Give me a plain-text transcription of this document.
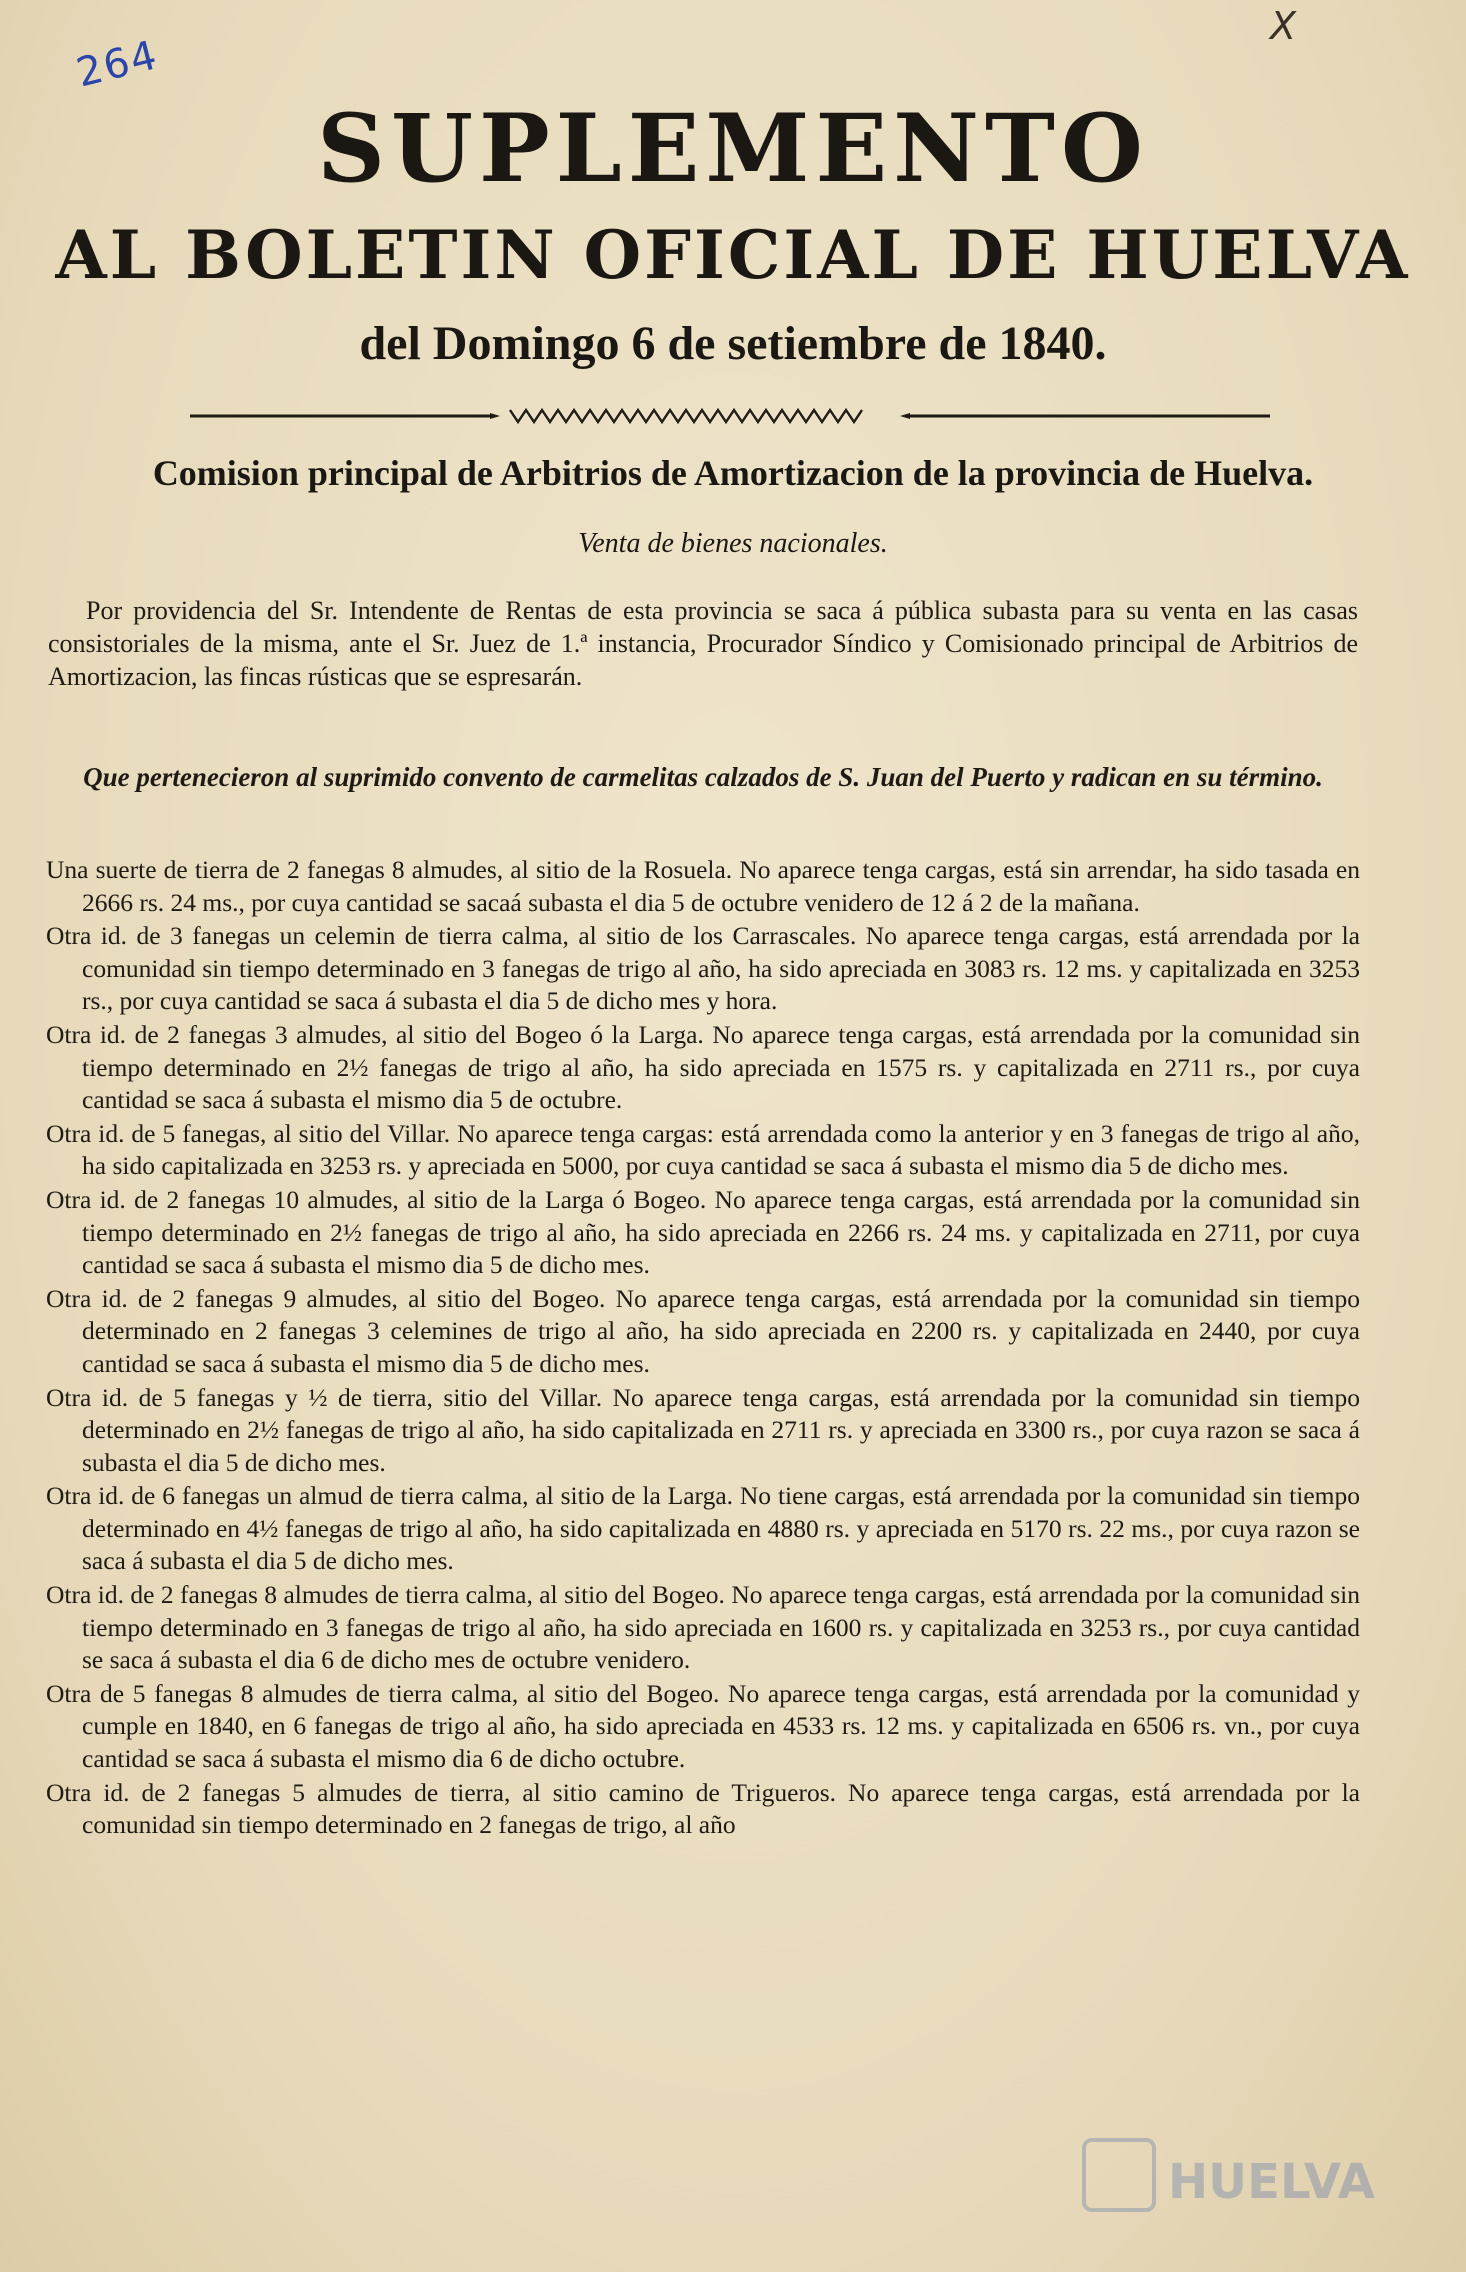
264
X
SUPLEMENTO
AL BOLETIN OFICIAL DE HUELVA
del Domingo 6 de setiembre de 1840.
Comision principal de Arbitrios de Amortizacion de la provincia de Huelva.
Venta de bienes nacionales.
Por providencia del Sr. Intendente de Rentas de esta provincia se saca á pública subasta para su venta en las casas consistoriales de la misma, ante el Sr. Juez de 1.ª instancia, Procurador Síndico y Comisionado principal de Arbitrios de Amortizacion, las fincas rústicas que se espresarán.
Que pertenecieron al suprimido convento de carmelitas calzados de S. Juan del Puerto y radican en su término.

Una suerte de tierra de 2 fanegas 8 almudes, al sitio de la Rosuela. No aparece tenga cargas, está sin arrendar, ha sido tasada en 2666 rs. 24 ms., por cuya cantidad se sacaá subasta el dia 5 de octubre venidero de 12 á 2 de la mañana.

Otra id. de 3 fanegas un celemin de tierra calma, al sitio de los Carrascales. No aparece tenga cargas, está arrendada por la comunidad sin tiempo determinado en 3 fanegas de trigo al año, ha sido apreciada en 3083 rs. 12 ms. y capitalizada en 3253 rs., por cuya cantidad se saca á subasta el dia 5 de dicho mes y hora.

Otra id. de 2 fanegas 3 almudes, al sitio del Bogeo ó la Larga. No aparece tenga cargas, está arrendada por la comunidad sin tiempo determinado en 2½ fanegas de trigo al año, ha sido apreciada en 1575 rs. y capitalizada en 2711 rs., por cuya cantidad se saca á subasta el mismo dia 5 de octubre.

Otra id. de 5 fanegas, al sitio del Villar. No aparece tenga cargas: está arrendada como la anterior y en 3 fanegas de trigo al año, ha sido capitalizada en 3253 rs. y apreciada en 5000, por cuya cantidad se saca á subasta el mismo dia 5 de dicho mes.

Otra id. de 2 fanegas 10 almudes, al sitio de la Larga ó Bogeo. No aparece tenga cargas, está arrendada por la comunidad sin tiempo determinado en 2½ fanegas de trigo al año, ha sido apreciada en 2266 rs. 24 ms. y capitalizada en 2711, por cuya cantidad se saca á subasta el mismo dia 5 de dicho mes.

Otra id. de 2 fanegas 9 almudes, al sitio del Bogeo. No aparece tenga cargas, está arrendada por la comunidad sin tiempo determinado en 2 fanegas 3 celemines de trigo al año, ha sido apreciada en 2200 rs. y capitalizada en 2440, por cuya cantidad se saca á subasta el mismo dia 5 de dicho mes.

Otra id. de 5 fanegas y ½ de tierra, sitio del Villar. No aparece tenga cargas, está arrendada por la comunidad sin tiempo determinado en 2½ fanegas de trigo al año, ha sido capitalizada en 2711 rs. y apreciada en 3300 rs., por cuya razon se saca á subasta el dia 5 de dicho mes.

Otra id. de 6 fanegas un almud de tierra calma, al sitio de la Larga. No tiene cargas, está arrendada por la comunidad sin tiempo determinado en 4½ fanegas de trigo al año, ha sido capitalizada en 4880 rs. y apreciada en 5170 rs. 22 ms., por cuya razon se saca á subasta el dia 5 de dicho mes.

Otra id. de 2 fanegas 8 almudes de tierra calma, al sitio del Bogeo. No aparece tenga cargas, está arrendada por la comunidad sin tiempo determinado en 3 fanegas de trigo al año, ha sido apreciada en 1600 rs. y capitalizada en 3253 rs., por cuya cantidad se saca á subasta el dia 6 de dicho mes de octubre venidero.

Otra de 5 fanegas 8 almudes de tierra calma, al sitio del Bogeo. No aparece tenga cargas, está arrendada por la comunidad y cumple en 1840, en 6 fanegas de trigo al año, ha sido apreciada en 4533 rs. 12 ms. y capitalizada en 6506 rs. vn., por cuya cantidad se saca á subasta el mismo dia 6 de dicho octubre.

Otra id. de 2 fanegas 5 almudes de tierra, al sitio camino de Trigueros. No aparece tenga cargas, está arrendada por la comunidad sin tiempo determinado en 2 fanegas de trigo, al año

HUELVA
